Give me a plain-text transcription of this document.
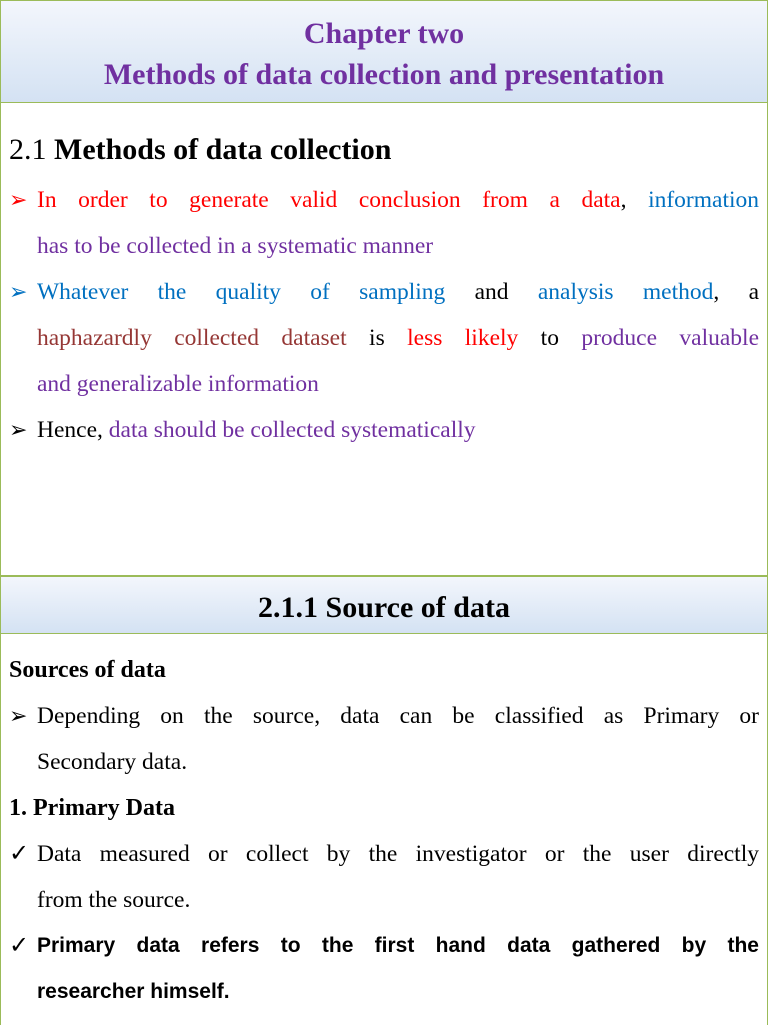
Chapter two
Methods of data collection and presentation
2.1 Methods of data collection
➢ In order to generate valid conclusion from a data, information
has to be collected in a systematic manner
➢ Whatever the quality of sampling and analysis method, a
haphazardly collected dataset is less likely to produce valuable
and generalizable information
➢ Hence, data should be collected systematically
2.1.1 Source of data
Sources of data
➢ Depending on the source, data can be classified as Primary or
Secondary data.
1. Primary Data
✓ Data measured or collect by the investigator or the user directly
from the source.
✓ Primary data refers to the first hand data gathered by the
researcher himself.
